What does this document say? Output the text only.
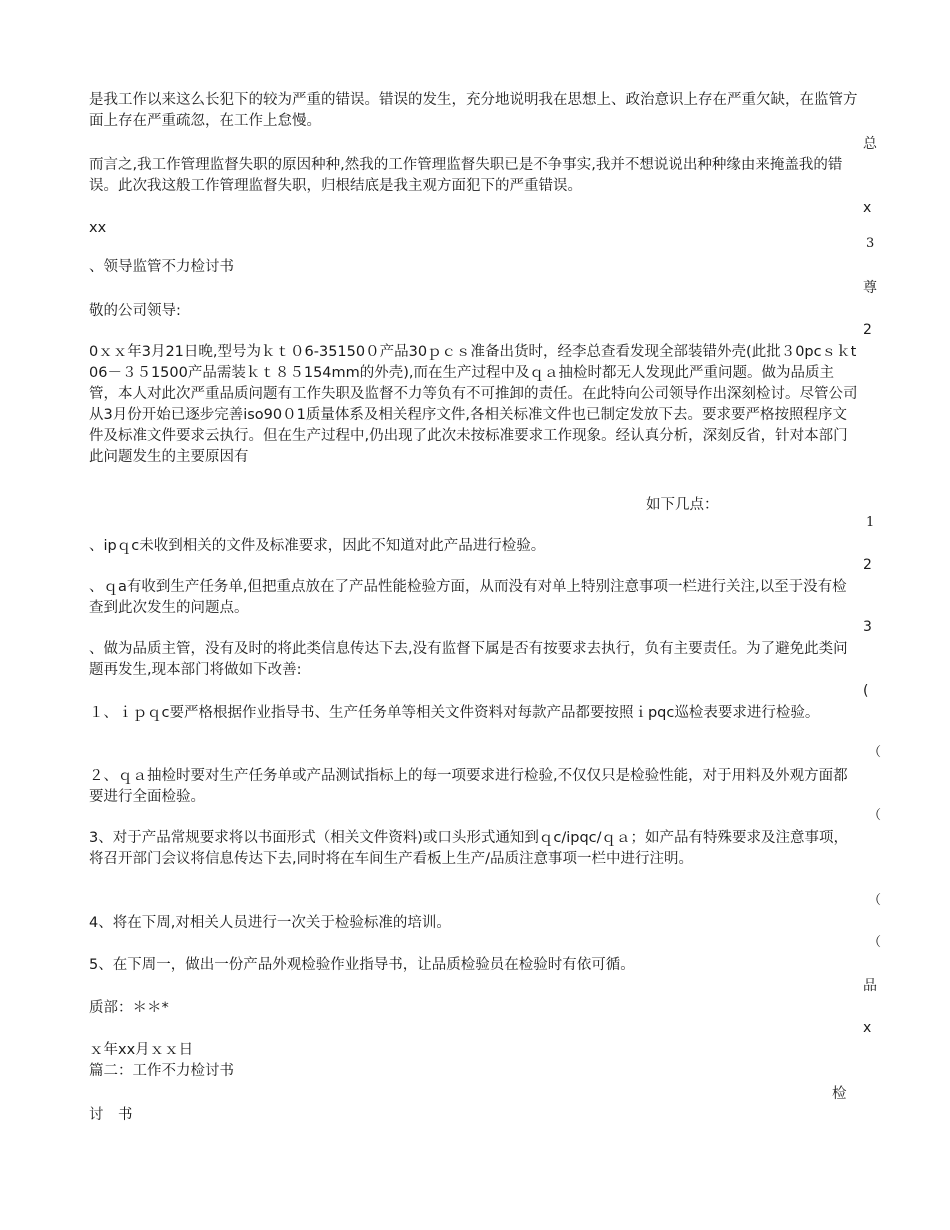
是我工作以来这么长犯下的较为严重的错误。错误的发生，充分地说明我在思想上、政治意识上存在严重欠缺，在监管方面上存在严重疏忽，在工作上怠慢。

而言之,我工作管理监督失职的原因种种,然我的工作管理监督失职已是不争事实,我并不想说说出种种缘由来掩盖我的错误。此次我这般工作管理监督失职，归根结底是我主观方面犯下的严重错误。

xx

、领导监管不力检讨书

敬的公司领导:

0ｘｘ年3月21日晚,型号为ｋｔ０6-35150０产品30ｐｃｓ准备出货时，经李总查看发现全部装错外壳(此批３0pcｓｋt06－３５1500产品需装ｋｔ８５154mm的外壳),而在生产过程中及ｑａ抽检时都无人发现此严重问题。做为品质主管，本人对此次严重品质问题有工作失职及监督不力等负有不可推卸的责任。在此特向公司领导作出深刻检讨。尽管公司从3月份开始已逐步完善iso90０1质量体系及相关程序文件,各相关标准文件也已制定发放下去。要求要严格按照程序文件及标准文件要求云执行。但在生产过程中,仍出现了此次未按标准要求工作现象。经认真分析，深刻反省，针对本部门此问题发生的主要原因有

如下几点：

、ipｑc未收到相关的文件及标准要求，因此不知道对此产品进行检验。

、ｑa有收到生产任务单,但把重点放在了产品性能检验方面，从而没有对单上特别注意事项一栏进行关注,以至于没有检查到此次发生的问题点。

、做为品质主管，没有及时的将此类信息传达下去,没有监督下属是否有按要求去执行，负有主要责任。为了避免此类问题再发生,现本部门将做如下改善:

１、ｉｐｑc要严格根据作业指导书、生产任务单等相关文件资料对每款产品都要按照ｉpqc巡检表要求进行检验。

２、ｑａ抽检时要对生产任务单或产品测试指标上的每一项要求进行检验,不仅仅只是检验性能，对于用料及外观方面都要进行全面检验。

3、对于产品常规要求将以书面形式（相关文件资料)或口头形式通知到ｑc/ipqc/ｑａ；如产品有特殊要求及注意事项，将召开部门会议将信息传达下去,同时将在车间生产看板上生产/品质注意事项一栏中进行注明。

4、将在下周,对相关人员进行一次关于检验标准的培训。

5、在下周一，做出一份产品外观检验作业指导书，让品质检验员在检验时有依可循。

质部：＊＊*

ｘ年xx月ｘｘ日

篇二：工作不力检讨书

检

讨　书

总
x
3
尊
2
1
2
3
(
（
（
（
（
品
x
